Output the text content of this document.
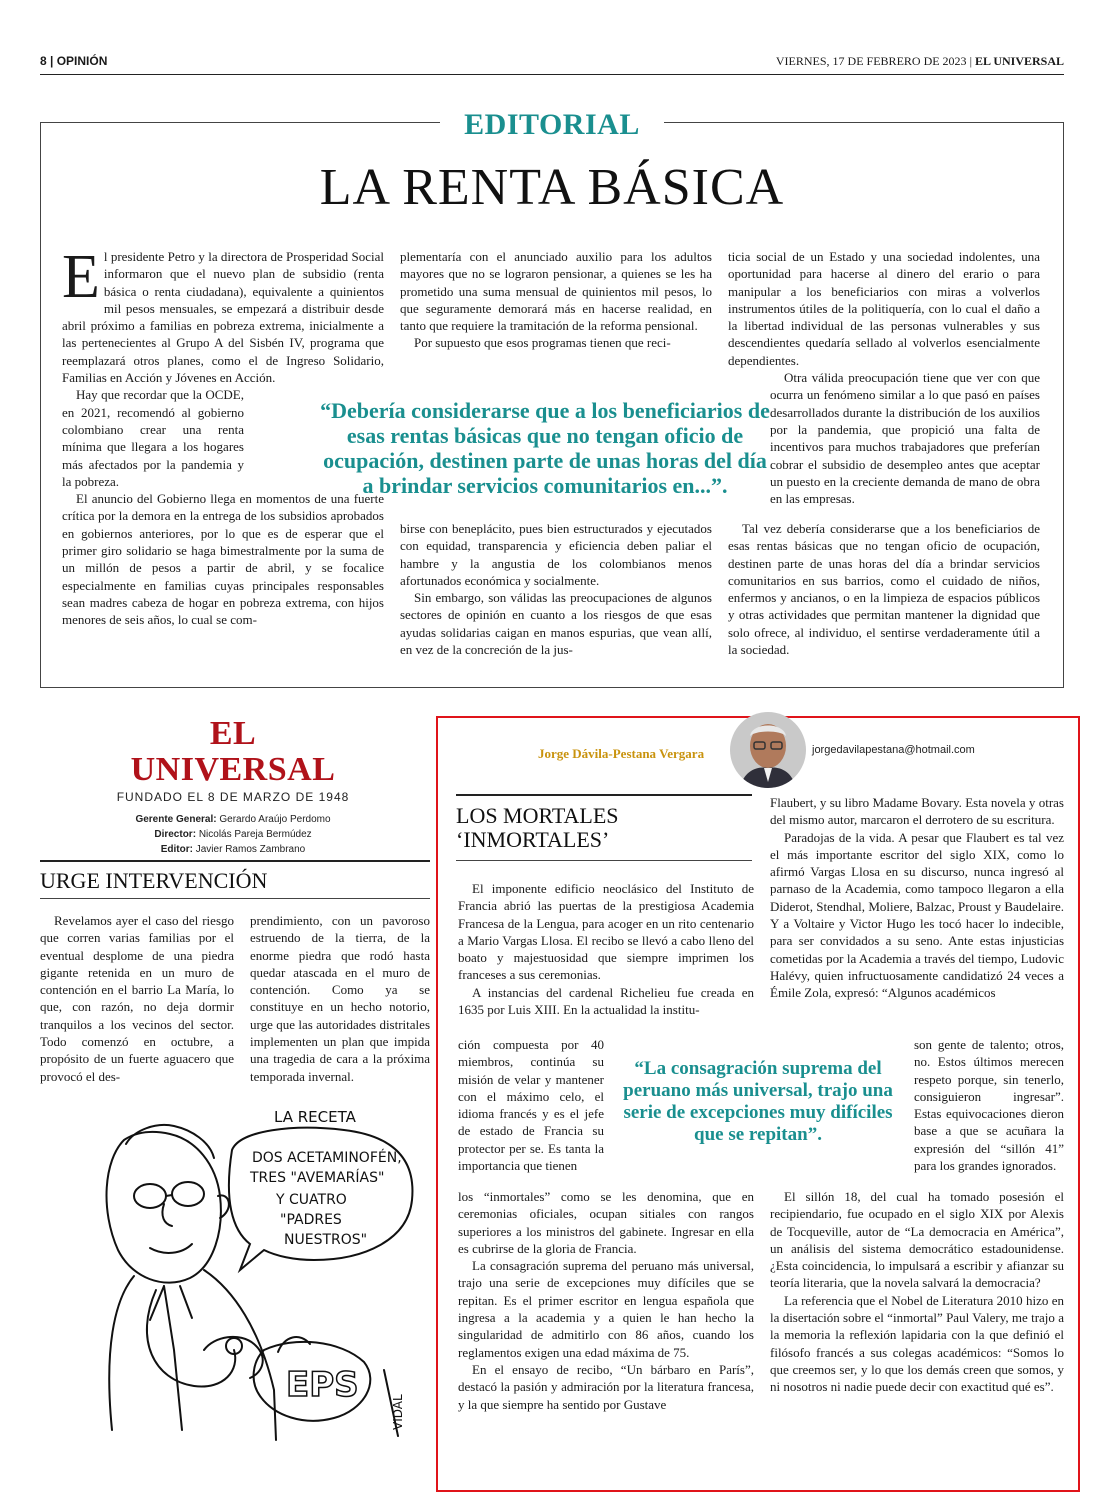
8 | OPINIÓN	VIERNES, 17 DE FEBRERO DE 2023 | EL UNIVERSAL
EDITORIAL
LA RENTA BÁSICA

El presidente Petro y la directora de Prosperidad Social informaron que el nuevo plan de subsidio (renta básica o renta ciudadana), equivalente a quinientos mil pesos mensuales, se empezará a distribuir desde abril próximo a familias en pobreza extrema, inicialmente a las pertenecientes al Grupo A del Sisbén IV, programa que reemplazará otros planes, como el de Ingreso Solidario, Familias en Acción y Jóvenes en Acción.

Hay que recordar que la OCDE, en 2021, recomendó al gobierno colombiano crear una renta mínima que llegara a los hogares más afectados por la pandemia y la pobreza.

El anuncio del Gobierno llega en momentos de una fuerte crítica por la demora en la entrega de los subsidios aprobados en gobiernos anteriores, por lo que es de esperar que el primer giro solidario se haga bimestralmente por la suma de un millón de pesos a partir de abril, y se focalice especialmente en familias cuyas principales responsables sean madres cabeza de hogar en pobreza extrema, con hijos menores de seis años, lo cual se com-

plementaría con el anunciado auxilio para los adultos mayores que no se lograron pensionar, a quienes se les ha prometido una suma mensual de quinientos mil pesos, lo que seguramente demorará más en hacerse realidad, en tanto que requiere la tramitación de la reforma pensional.

Por supuesto que esos programas tienen que reci-

“Debería considerarse que a los beneficiarios de esas rentas básicas que no tengan oficio de ocupación, destinen parte de unas horas del día a brindar servicios comunitarios en...”.

birse con beneplácito, pues bien estructurados y ejecutados con equidad, transparencia y eficiencia deben paliar el hambre y la angustia de los colombianos menos afortunados económica y socialmente.

Sin embargo, son válidas las preocupaciones de algunos sectores de opinión en cuanto a los riesgos de que esas ayudas solidarias caigan en manos espurias, que vean allí, en vez de la concreción de la jus-

ticia social de un Estado y una sociedad indolentes, una oportunidad para hacerse al dinero del erario o para manipular a los beneficiarios con miras a volverlos instrumentos útiles de la politiquería, con lo cual el daño a la libertad individual de las personas vulnerables y sus descendientes quedaría sellado al volverlos esencialmente dependientes.

Otra válida preocupación tiene que ver con que ocurra un fenómeno similar a lo que pasó en países desarrollados durante la distribución de los auxilios por la pandemia, que propició una falta de incentivos para muchos trabajadores que preferían cobrar el subsidio de desempleo antes que aceptar un puesto en la creciente demanda de mano de obra en las empresas.

Tal vez debería considerarse que a los beneficiarios de esas rentas básicas que no tengan oficio de ocupación, destinen parte de unas horas del día a brindar servicios comunitarios en sus barrios, como el cuidado de niños, enfermos y ancianos, o en la limpieza de espacios públicos y otras actividades que permitan mantener la dignidad que solo ofrece, al individuo, el sentirse verdaderamente útil a la sociedad.

EL UNIVERSAL
FUNDADO EL 8 DE MARZO DE 1948
Gerente General: Gerardo Araújo Perdomo
Director: Nicolás Pareja Bermúdez
Editor: Javier Ramos Zambrano
URGE INTERVENCIÓN

Revelamos ayer el caso del riesgo que corren varias familias por el eventual desplome de una piedra gigante retenida en un muro de contención en el barrio La María, lo que, con razón, no deja dormir tranquilos a los vecinos del sector. Todo comenzó en octubre, a propósito de un fuerte aguacero que provocó el des-

prendimiento, con un pavoroso estruendo de la tierra, de la enorme piedra que rodó hasta quedar atascada en el muro de contención. Como ya se constituye en un hecho notorio, urge que las autoridades distritales implementen un plan que impida una tragedia de cara a la próxima temporada invernal.

LA RECETA
DOS ACETAMINOFÉN,
TRES "AVEMARÍAS"
Y CUATRO
"PADRES
NUESTROS"
EPS
VIDAL
Jorge Dávila-Pestana Vergara	jorgedavilapestana@hotmail.com
LOS MORTALES
‘INMORTALES’

El imponente edificio neoclásico del Instituto de Francia abrió las puertas de la prestigiosa Academia Francesa de la Lengua, para acoger en un rito centenario a Mario Vargas Llosa. El recibo se llevó a cabo lleno del boato y majestuosidad que siempre imprimen los franceses a sus ceremonias.

A instancias del cardenal Richelieu fue creada en 1635 por Luis XIII. En la actualidad la institu-

ción compuesta por 40 miembros, continúa su misión de velar y mantener con el máximo celo, el idioma francés y es el jefe de estado de Francia su protector per se. Es tanta la importancia que tienen

“La consagración suprema del peruano más universal, trajo una serie de excepciones muy difíciles que se repitan”.

los “inmortales” como se les denomina, que en ceremonias oficiales, ocupan sitiales con rangos superiores a los ministros del gabinete. Ingresar en ella es cubrirse de la gloria de Francia.

La consagración suprema del peruano más universal, trajo una serie de excepciones muy difíciles que se repitan. Es el primer escritor en lengua española que ingresa a la academia y a quien le han hecho la singularidad de admitirlo con 86 años, cuando los reglamentos exigen una edad máxima de 75.

En el ensayo de recibo, “Un bárbaro en París”, destacó la pasión y admiración por la literatura francesa, y la que siempre ha sentido por Gustave

Flaubert, y su libro Madame Bovary. Esta novela y otras del mismo autor, marcaron el derrotero de su escritura.

Paradojas de la vida. A pesar que Flaubert es tal vez el más importante escritor del siglo XIX, como lo afirmó Vargas Llosa en su discurso, nunca ingresó al parnaso de la Academia, como tampoco llegaron a ella Diderot, Stendhal, Moliere, Balzac, Proust y Baudelaire. Y a Voltaire y Victor Hugo les tocó hacer lo indecible, para ser convidados a su seno. Ante estas injusticias cometidas por la Academia a través del tiempo, Ludovic Halévy, quien infructuosamente candidatizó 24 veces a Émile Zola, expresó: “Algunos académicos

son gente de talento; otros, no. Estos últimos merecen respeto porque, sin tenerlo, consiguieron ingresar”. Estas equivocaciones dieron base a que se acuñara la expresión del “sillón 41” para los grandes ignorados.

El sillón 18, del cual ha tomado posesión el recipiendario, fue ocupado en el siglo XIX por Alexis de Tocqueville, autor de “La democracia en América”, un análisis del sistema democrático estadounidense. ¿Esta coincidencia, lo impulsará a escribir y afianzar su teoría literaria, que la novela salvará la democracia?

La referencia que el Nobel de Literatura 2010 hizo en la disertación sobre el “inmortal” Paul Valery, me trajo a la memoria la reflexión lapidaria con la que definió el filósofo francés a sus colegas académicos: “Somos lo que creemos ser, y lo que los demás creen que somos, y ni nosotros ni nadie puede decir con exactitud qué es”.
